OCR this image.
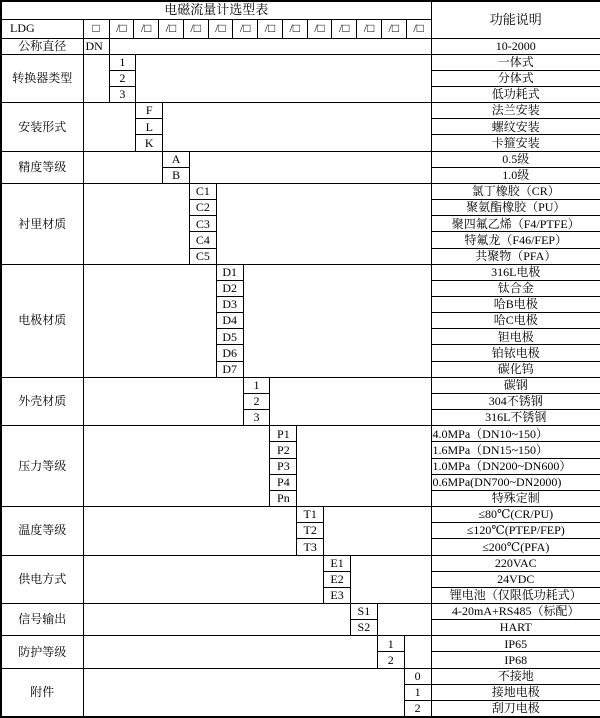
电磁流量计选型表														功能说明
LDG	□	/□	/□	/□	/□	/□	/□	/□	/□	/□	/□	/□	/□	/□

公称直径	DN													10-2000
转换器类型		1												一体式
		2												分体式
		3												低功耗式
安装形式			F											法兰安装
			L											螺纹安装
			K											卡箍安装
精度等级				A										0.5级
				B										1.0级
衬里材质					C1									氯丁橡胶（CR）
					C2									聚氨酯橡胶（PU）
					C3									聚四氟乙烯（F4/PTFE）
					C4									特氟龙（F46/FEP）
					C5									共聚物（PFA）
电极材质						D1								316L电极
						D2								钛合金
						D3								哈B电极
						D4								哈C电极
						D5								钽电极
						D6								铂铱电极
						D7								碳化钨
外壳材质							1							碳钢
							2							304不锈钢
							3							316L不锈钢
压力等级								P1						4.0MPa（DN10~150）
								P2						1.6MPa（DN15~150）
								P3						1.0MPa（DN200~DN600）
								P4						0.6MPa(DN700~DN2000)
								Pn						特殊定制
温度等级									T1					≤80℃(CR/PU)
									T2					≤120℃(PTEP/FEP)
									T3					≤200℃(PFA)
供电方式										E1				220VAC
										E2				24VDC
										E3				锂电池（仅限低功耗式）
信号输出											S1			4-20mA+RS485（标配）
											S2			HART
防护等级												1		IP65
												2		IP68
附件													0	不接地
													1	接地电极
													2	刮刀电极
